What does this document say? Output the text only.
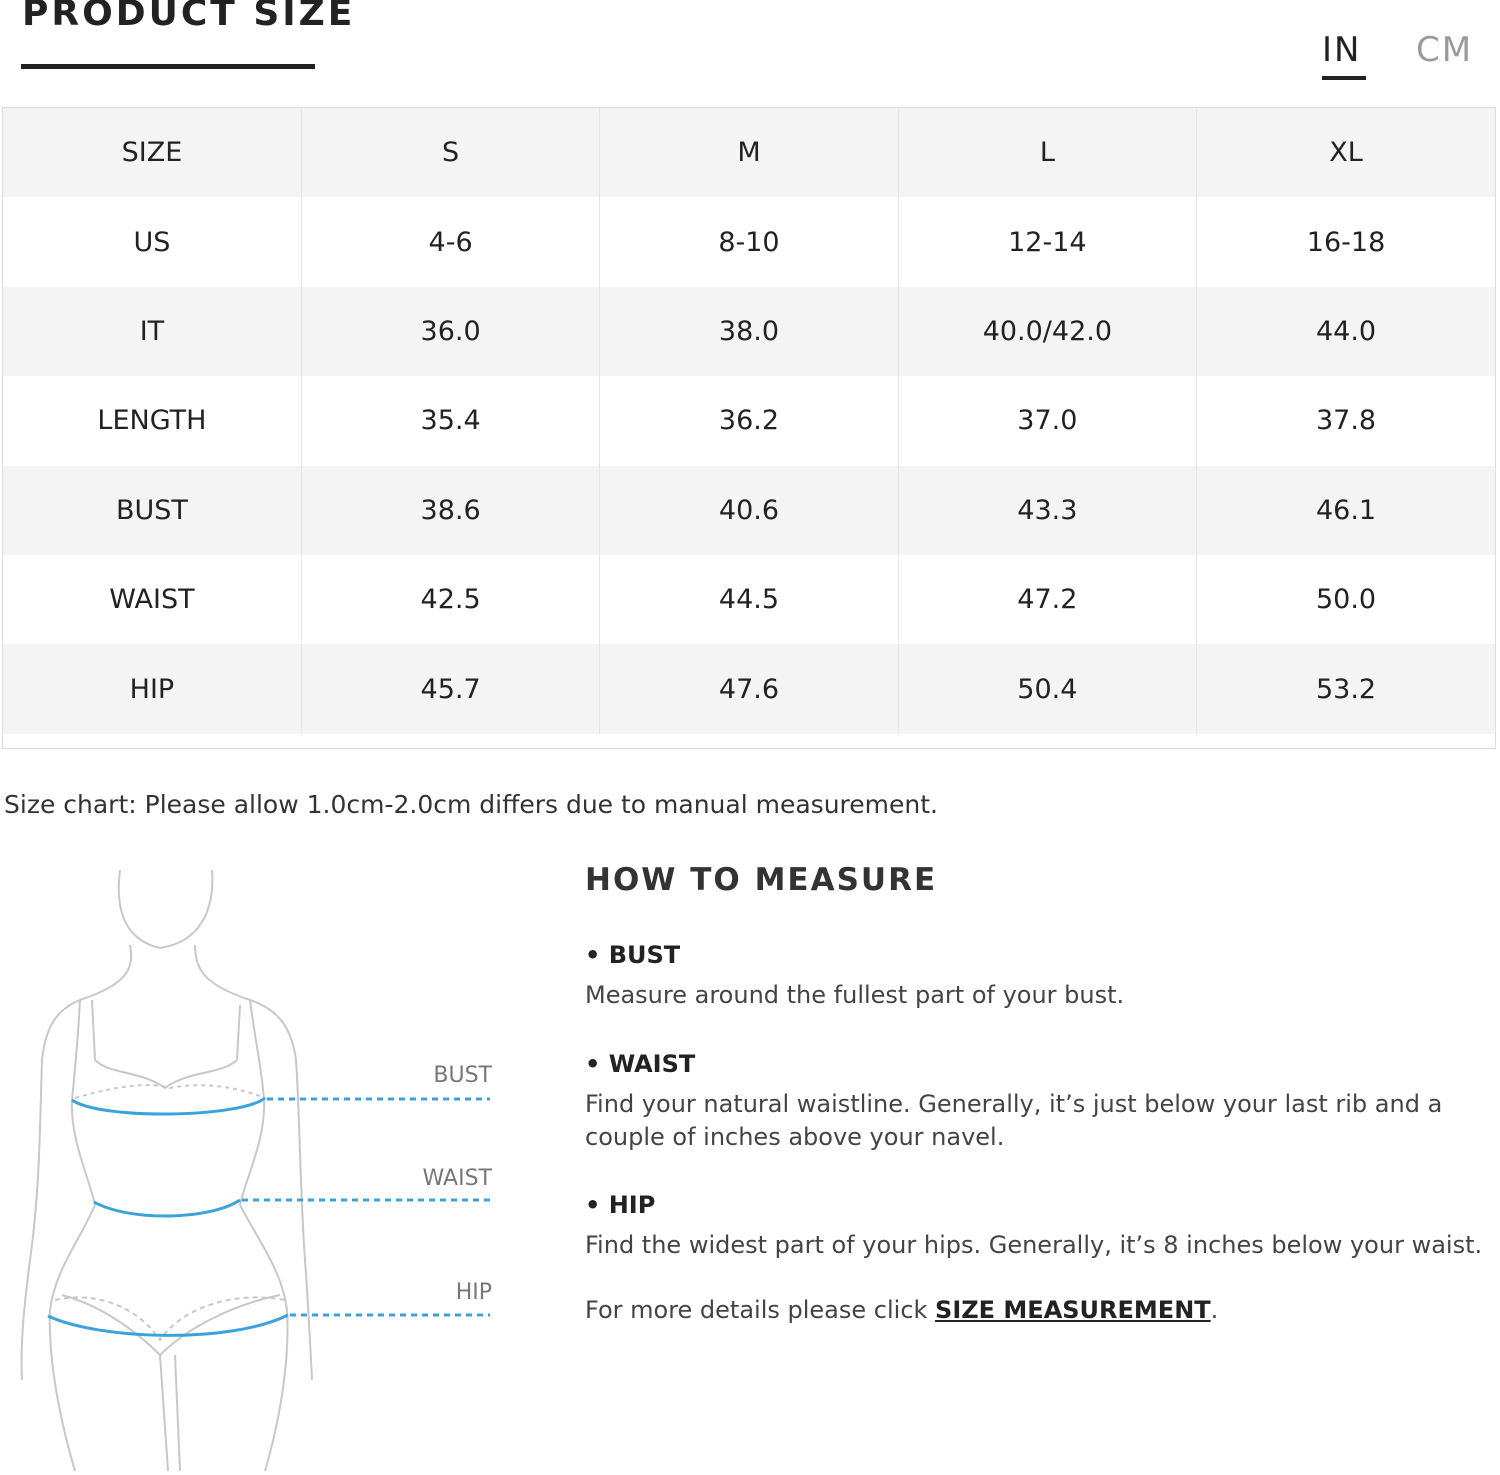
PRODUCT SIZE
IN CM
SIZE	S	M	L	XL
US	4-6	8-10	12-14	16-18
IT	36.0	38.0	40.0/42.0	44.0
LENGTH	35.4	36.2	37.0	37.8
BUST	38.6	40.6	43.3	46.1
WAIST	42.5	44.5	47.2	50.0
HIP	45.7	47.6	50.4	53.2

Size chart: Please allow 1.0cm-2.0cm differs due to manual measurement.

BUST
WAIST
HIP
HOW TO MEASURE

• BUST

Measure around the fullest part of your bust.

• WAIST

Find your natural waistline. Generally, it’s just below your last rib and a couple of inches above your navel.

• HIP

Find the widest part of your hips. Generally, it’s 8 inches below your waist.

For more details please click SIZE MEASUREMENT.
